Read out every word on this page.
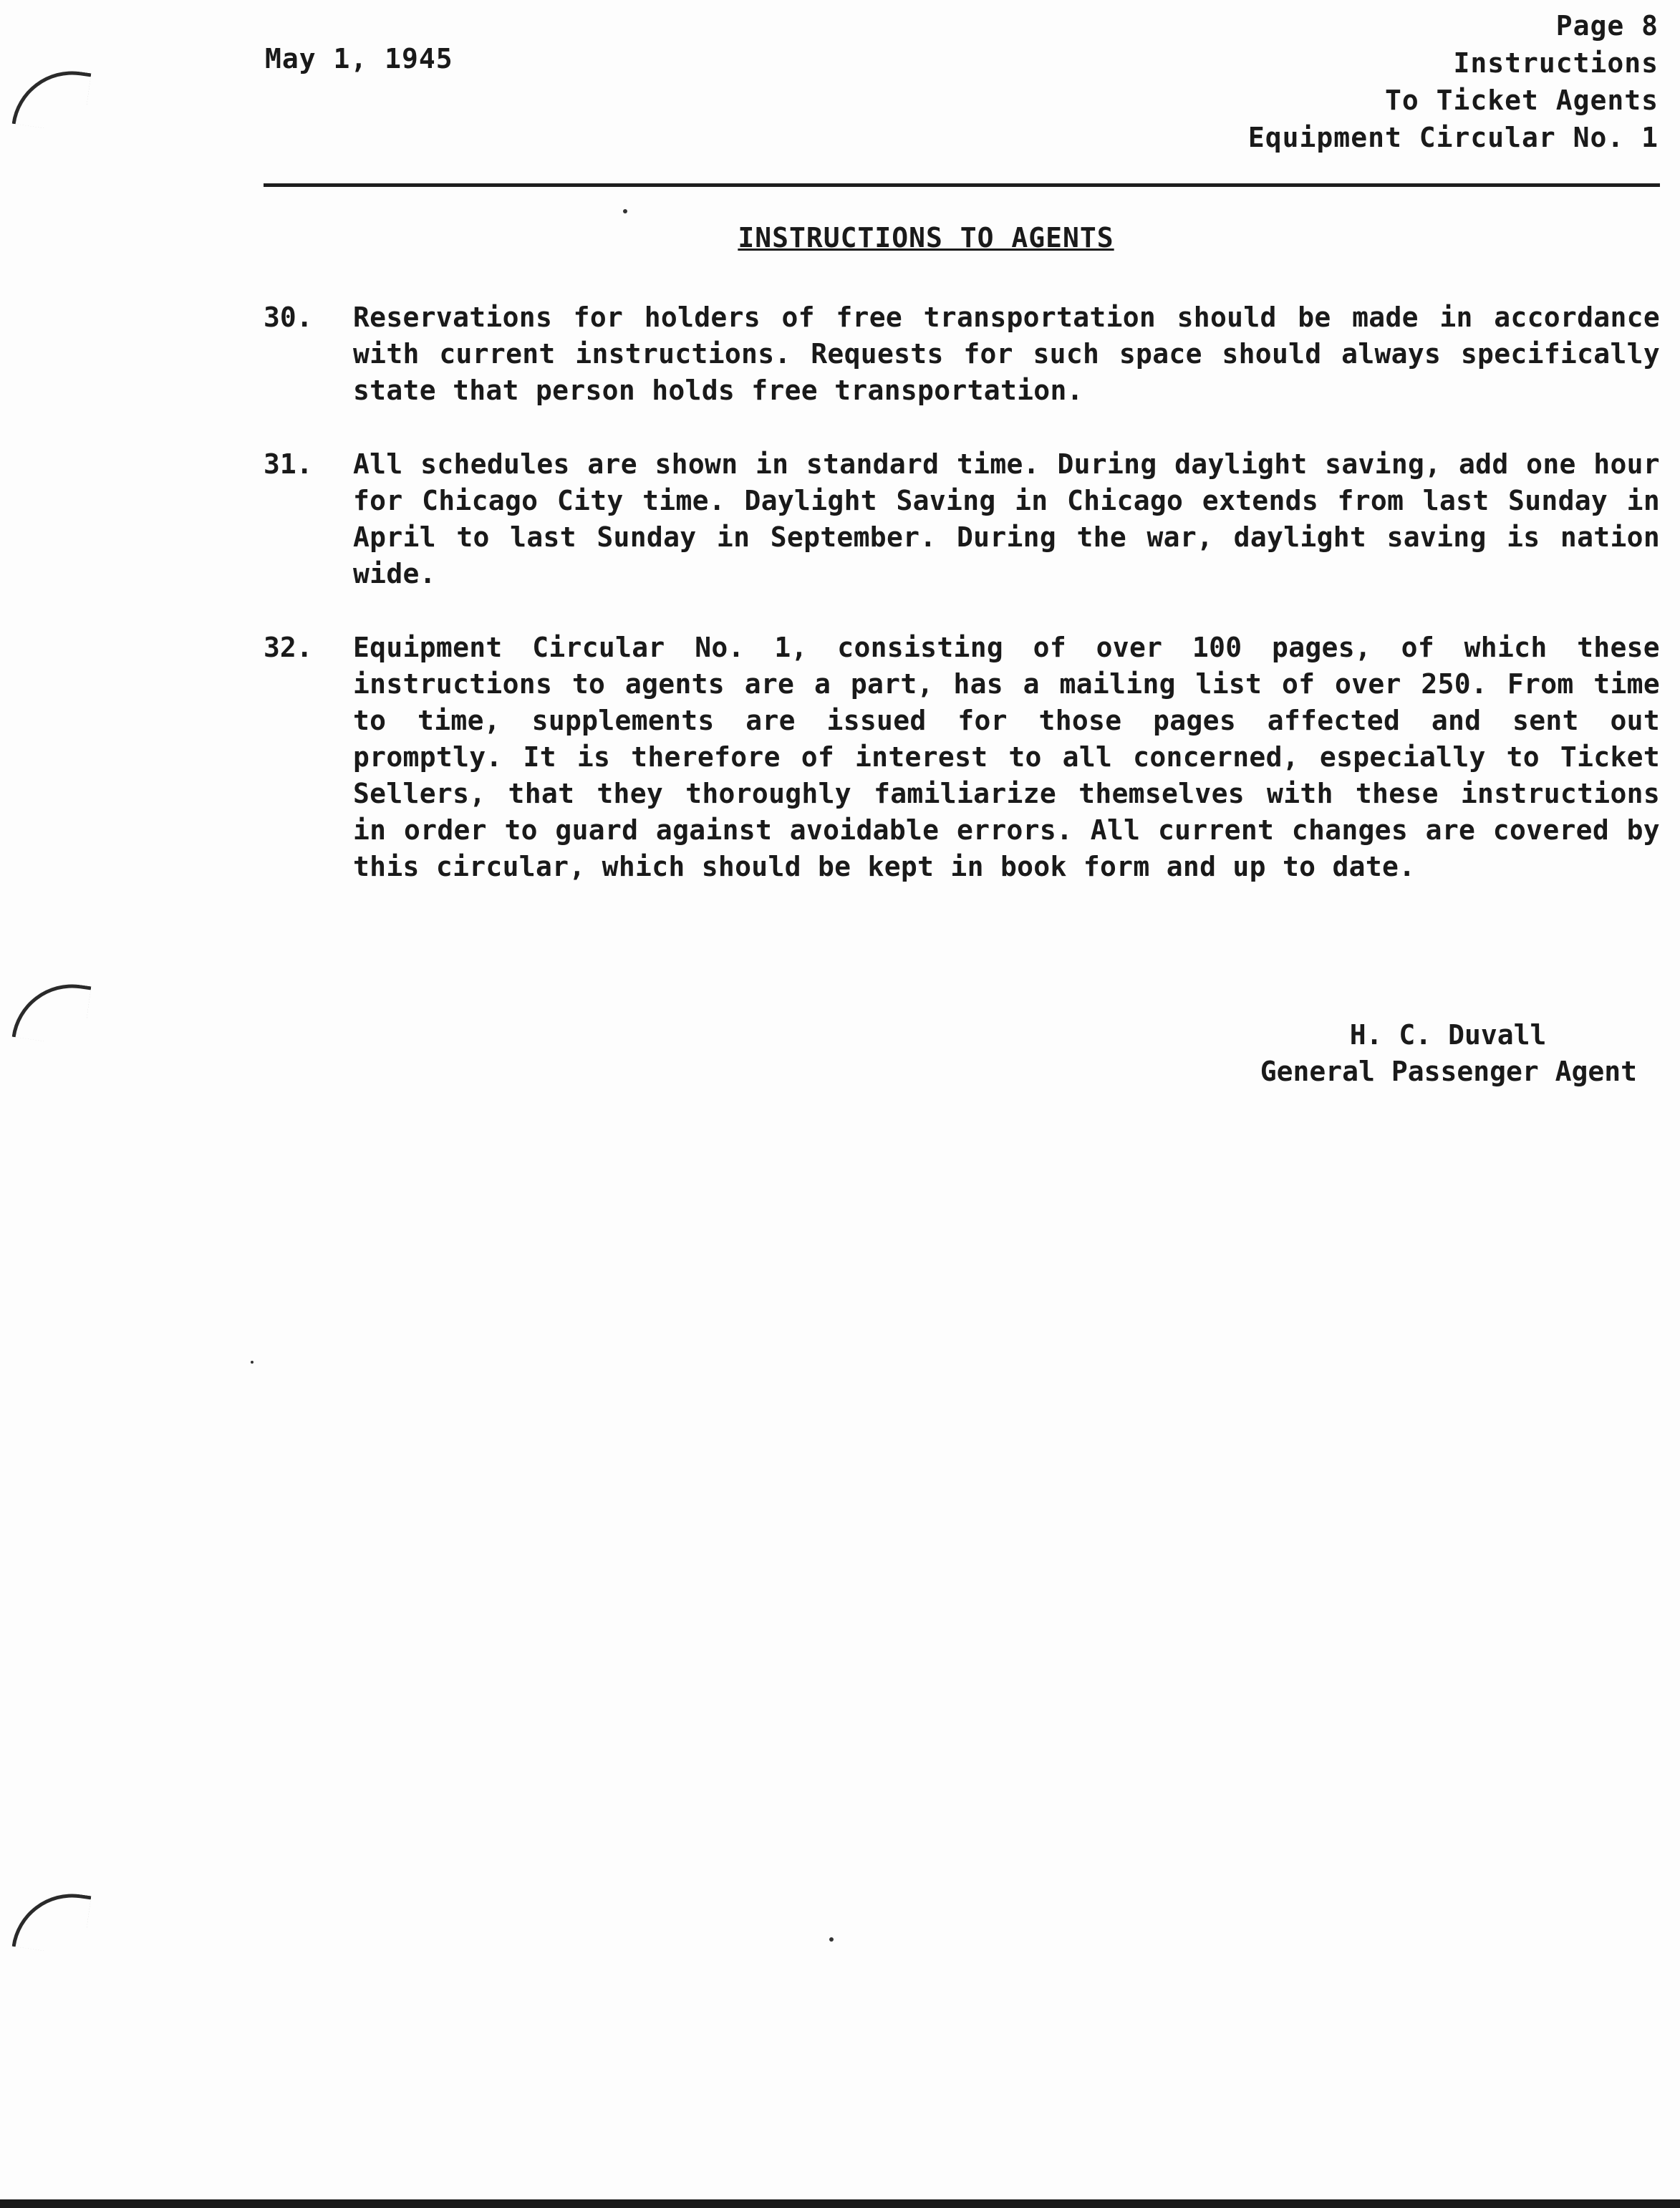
May 1, 1945
Page 8
Instructions
To Ticket Agents
Equipment Circular No. 1
INSTRUCTIONS TO AGENTS
30.	Reservations for holders of free transportation should be made in accordance with current instructions. Requests for such space should always specifically state that person holds free transportation.
31.	All schedules are shown in standard time. During daylight saving, add one hour for Chicago City time. Daylight Saving in Chicago extends from last Sunday in April to last Sunday in September. During the war, daylight saving is nation wide.
32.	Equipment Circular No. 1, consisting of over 100 pages, of which these instructions to agents are a part, has a mailing list of over 250. From time to time, supplements are issued for those pages affected and sent out promptly. It is therefore of interest to all concerned, especially to Ticket Sellers, that they thoroughly familiarize themselves with these instructions in order to guard against avoidable errors. All current changes are covered by this circular, which should be kept in book form and up to date.
H. C. Duvall
General Passenger Agent
